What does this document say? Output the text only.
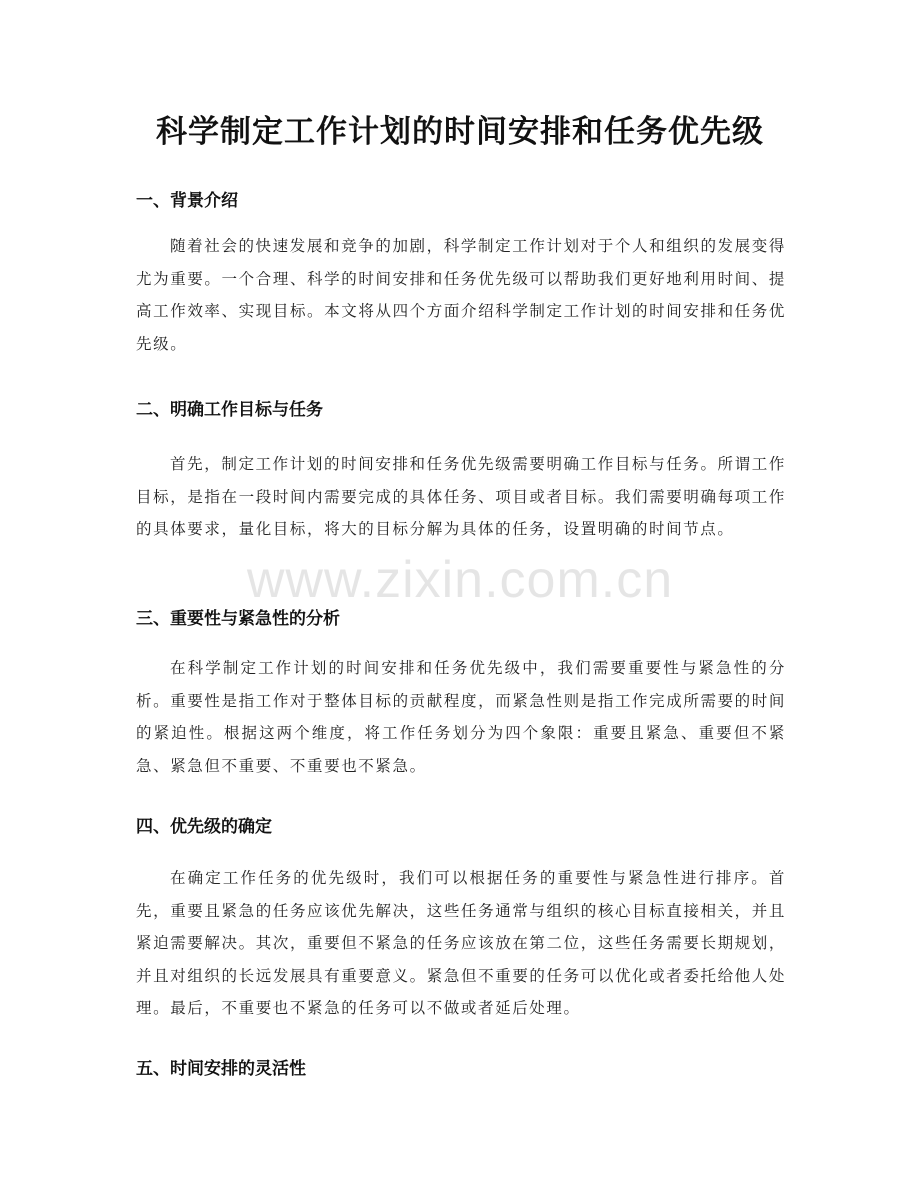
科学制定工作计划的时间安排和任务优先级
一、背景介绍

随着社会的快速发展和竞争的加剧，科学制定工作计划对于个人和组织的发展变得尤为重要。一个合理、科学的时间安排和任务优先级可以帮助我们更好地利用时间、提高工作效率、实现目标。本文将从四个方面介绍科学制定工作计划的时间安排和任务优先级。

二、明确工作目标与任务

首先，制定工作计划的时间安排和任务优先级需要明确工作目标与任务。所谓工作目标，是指在一段时间内需要完成的具体任务、项目或者目标。我们需要明确每项工作的具体要求，量化目标，将大的目标分解为具体的任务，设置明确的时间节点。

三、重要性与紧急性的分析

在科学制定工作计划的时间安排和任务优先级中，我们需要重要性与紧急性的分析。重要性是指工作对于整体目标的贡献程度，而紧急性则是指工作完成所需要的时间的紧迫性。根据这两个维度，将工作任务划分为四个象限：重要且紧急、重要但不紧急、紧急但不重要、不重要也不紧急。

四、优先级的确定

在确定工作任务的优先级时，我们可以根据任务的重要性与紧急性进行排序。首先，重要且紧急的任务应该优先解决，这些任务通常与组织的核心目标直接相关，并且紧迫需要解决。其次，重要但不紧急的任务应该放在第二位，这些任务需要长期规划，并且对组织的长远发展具有重要意义。紧急但不重要的任务可以优化或者委托给他人处理。最后，不重要也不紧急的任务可以不做或者延后处理。

五、时间安排的灵活性
www.zixin.com.cn
